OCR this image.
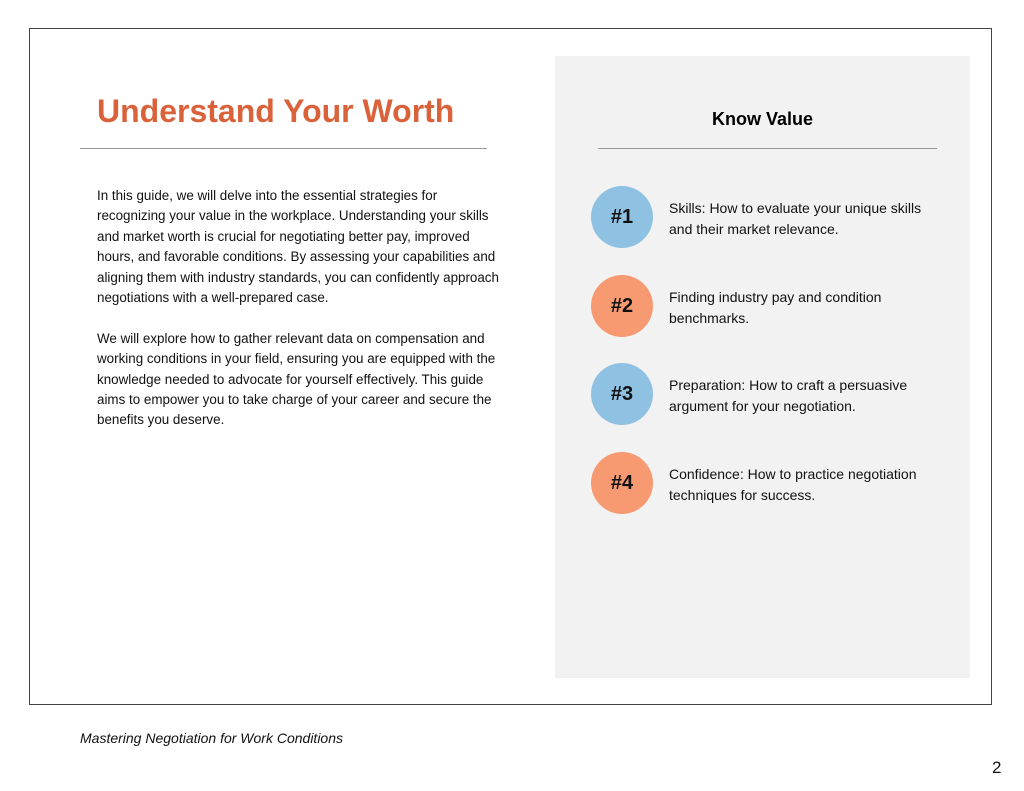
Understand Your Worth

In this guide, we will delve into the essential strategies for recognizing your value in the workplace. Understanding your skills and market worth is crucial for negotiating better pay, improved hours, and favorable conditions. By assessing your capabilities and aligning them with industry standards, you can confidently approach negotiations with a well-prepared case.

We will explore how to gather relevant data on compensation and working conditions in your field, ensuring you are equipped with the knowledge needed to advocate for yourself effectively. This guide aims to empower you to take charge of your career and secure the benefits you deserve.

Know Value
#1	Skills: How to evaluate your unique skills and their market relevance.
#2	Finding industry pay and condition benchmarks.
#3	Preparation: How to craft a persuasive argument for your negotiation.
#4	Confidence: How to practice negotiation techniques for success.
Mastering Negotiation for Work Conditions
2
